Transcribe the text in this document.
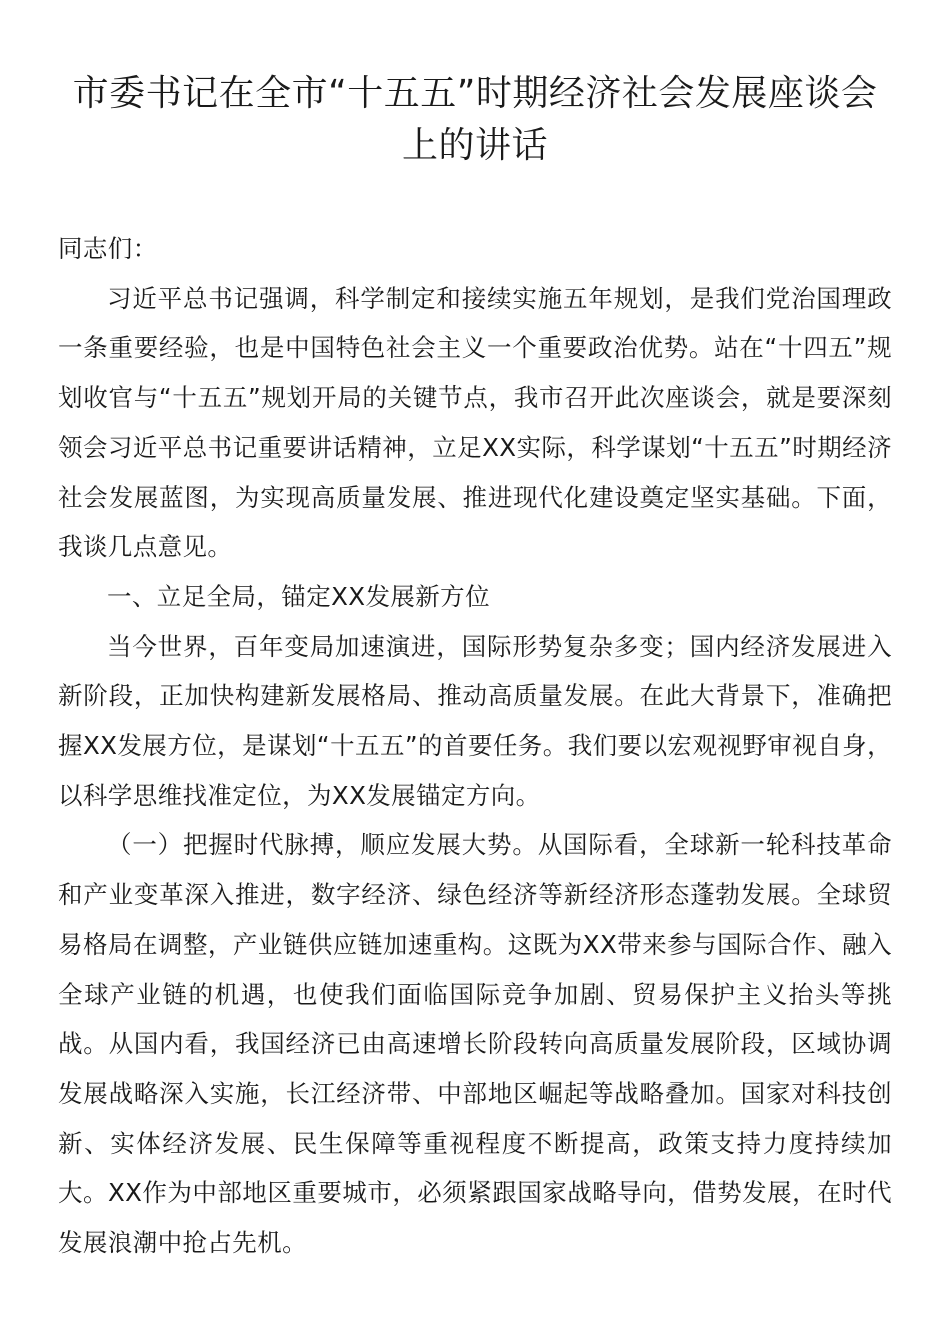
市委书记在全市“十五五”时期经济社会发展座谈会上的讲话

同志们：

习近平总书记强调，科学制定和接续实施五年规划，是我们党治国理政一条重要经验，也是中国特色社会主义一个重要政治优势。站在“十四五”规划收官与“十五五”规划开局的关键节点，我市召开此次座谈会，就是要深刻领会习近平总书记重要讲话精神，立足XX实际，科学谋划“十五五”时期经济社会发展蓝图，为实现高质量发展、推进现代化建设奠定坚实基础。下面，我谈几点意见。

一、立足全局，锚定XX发展新方位

当今世界，百年变局加速演进，国际形势复杂多变；国内经济发展进入新阶段，正加快构建新发展格局、推动高质量发展。在此大背景下，准确把握XX发展方位，是谋划“十五五”的首要任务。我们要以宏观视野审视自身，以科学思维找准定位，为XX发展锚定方向。

（一）把握时代脉搏，顺应发展大势。从国际看，全球新一轮科技革命和产业变革深入推进，数字经济、绿色经济等新经济形态蓬勃发展。全球贸易格局在调整，产业链供应链加速重构。这既为XX带来参与国际合作、融入全球产业链的机遇，也使我们面临国际竞争加剧、贸易保护主义抬头等挑战。从国内看，我国经济已由高速增长阶段转向高质量发展阶段，区域协调发展战略深入实施，长江经济带、中部地区崛起等战略叠加。国家对科技创新、实体经济发展、民生保障等重视程度不断提高，政策支持力度持续加大。XX作为中部地区重要城市，必须紧跟国家战略导向，借势发展，在时代发展浪潮中抢占先机。
